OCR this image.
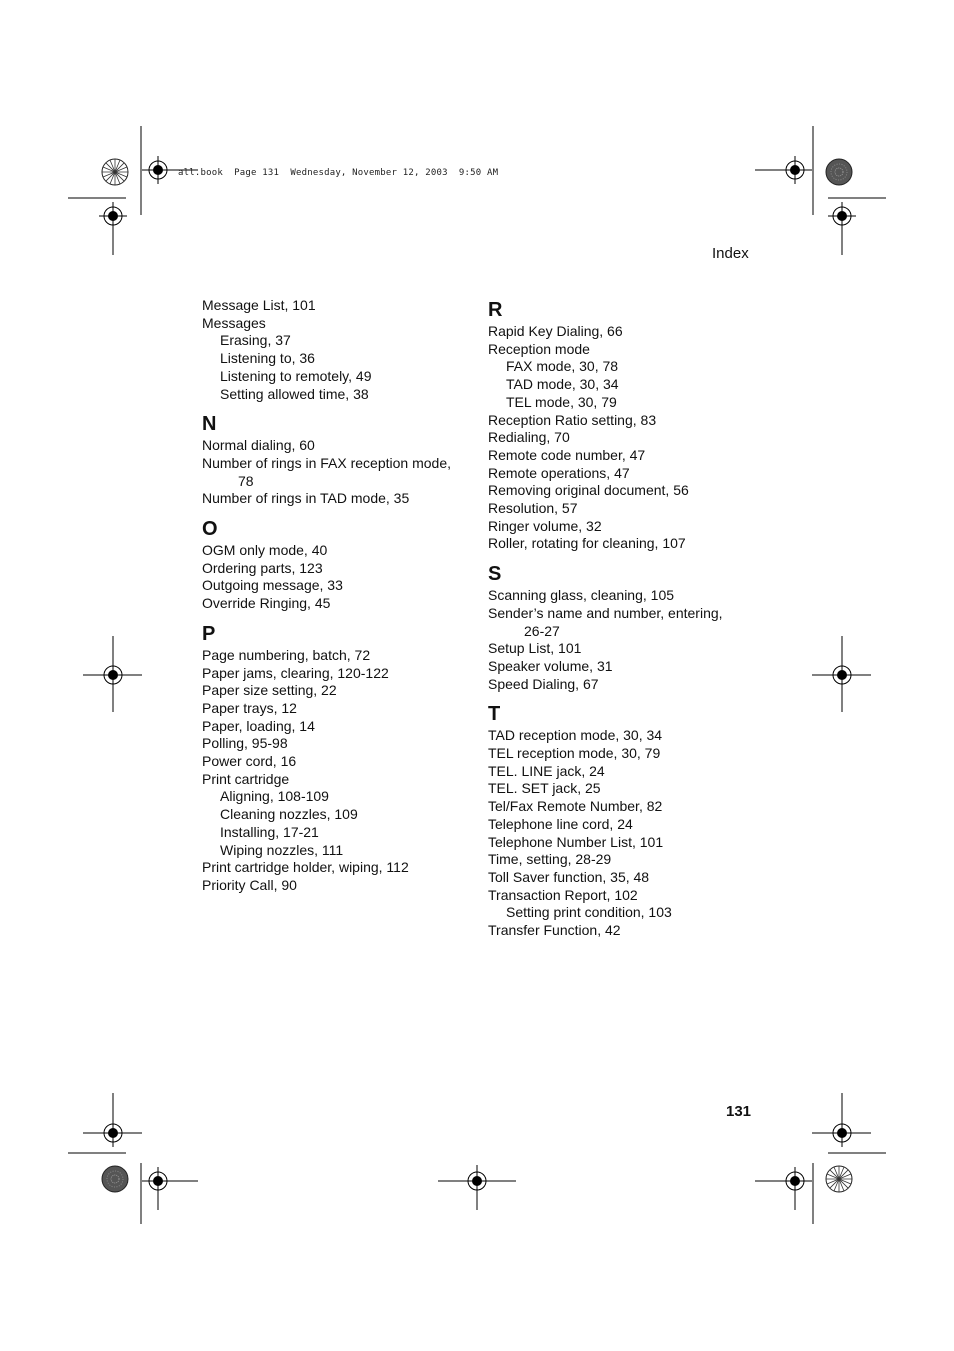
all.book  Page 131  Wednesday, November 12, 2003  9:50 AM
Index
Message List, 101
Messages
Erasing, 37
Listening to, 36
Listening to remotely, 49
Setting allowed time, 38
N
Normal dialing, 60
Number of rings in FAX reception mode,
78
Number of rings in TAD mode, 35
O
OGM only mode, 40
Ordering parts, 123
Outgoing message, 33
Override Ringing, 45
P
Page numbering, batch, 72
Paper jams, clearing, 120-122
Paper size setting, 22
Paper trays, 12
Paper, loading, 14
Polling, 95-98
Power cord, 16
Print cartridge
Aligning, 108-109
Cleaning nozzles, 109
Installing, 17-21
Wiping nozzles, 111
Print cartridge holder, wiping, 112
Priority Call, 90
R
Rapid Key Dialing, 66
Reception mode
FAX mode, 30, 78
TAD mode, 30, 34
TEL mode, 30, 79
Reception Ratio setting, 83
Redialing, 70
Remote code number, 47
Remote operations, 47
Removing original document, 56
Resolution, 57
Ringer volume, 32
Roller, rotating for cleaning, 107
S
Scanning glass, cleaning, 105
Sender’s name and number, entering,
26-27
Setup List, 101
Speaker volume, 31
Speed Dialing, 67
T
TAD reception mode, 30, 34
TEL reception mode, 30, 79
TEL. LINE jack, 24
TEL. SET jack, 25
Tel/Fax Remote Number, 82
Telephone line cord, 24
Telephone Number List, 101
Time, setting, 28-29
Toll Saver function, 35, 48
Transaction Report, 102
Setting print condition, 103
Transfer Function, 42
131
